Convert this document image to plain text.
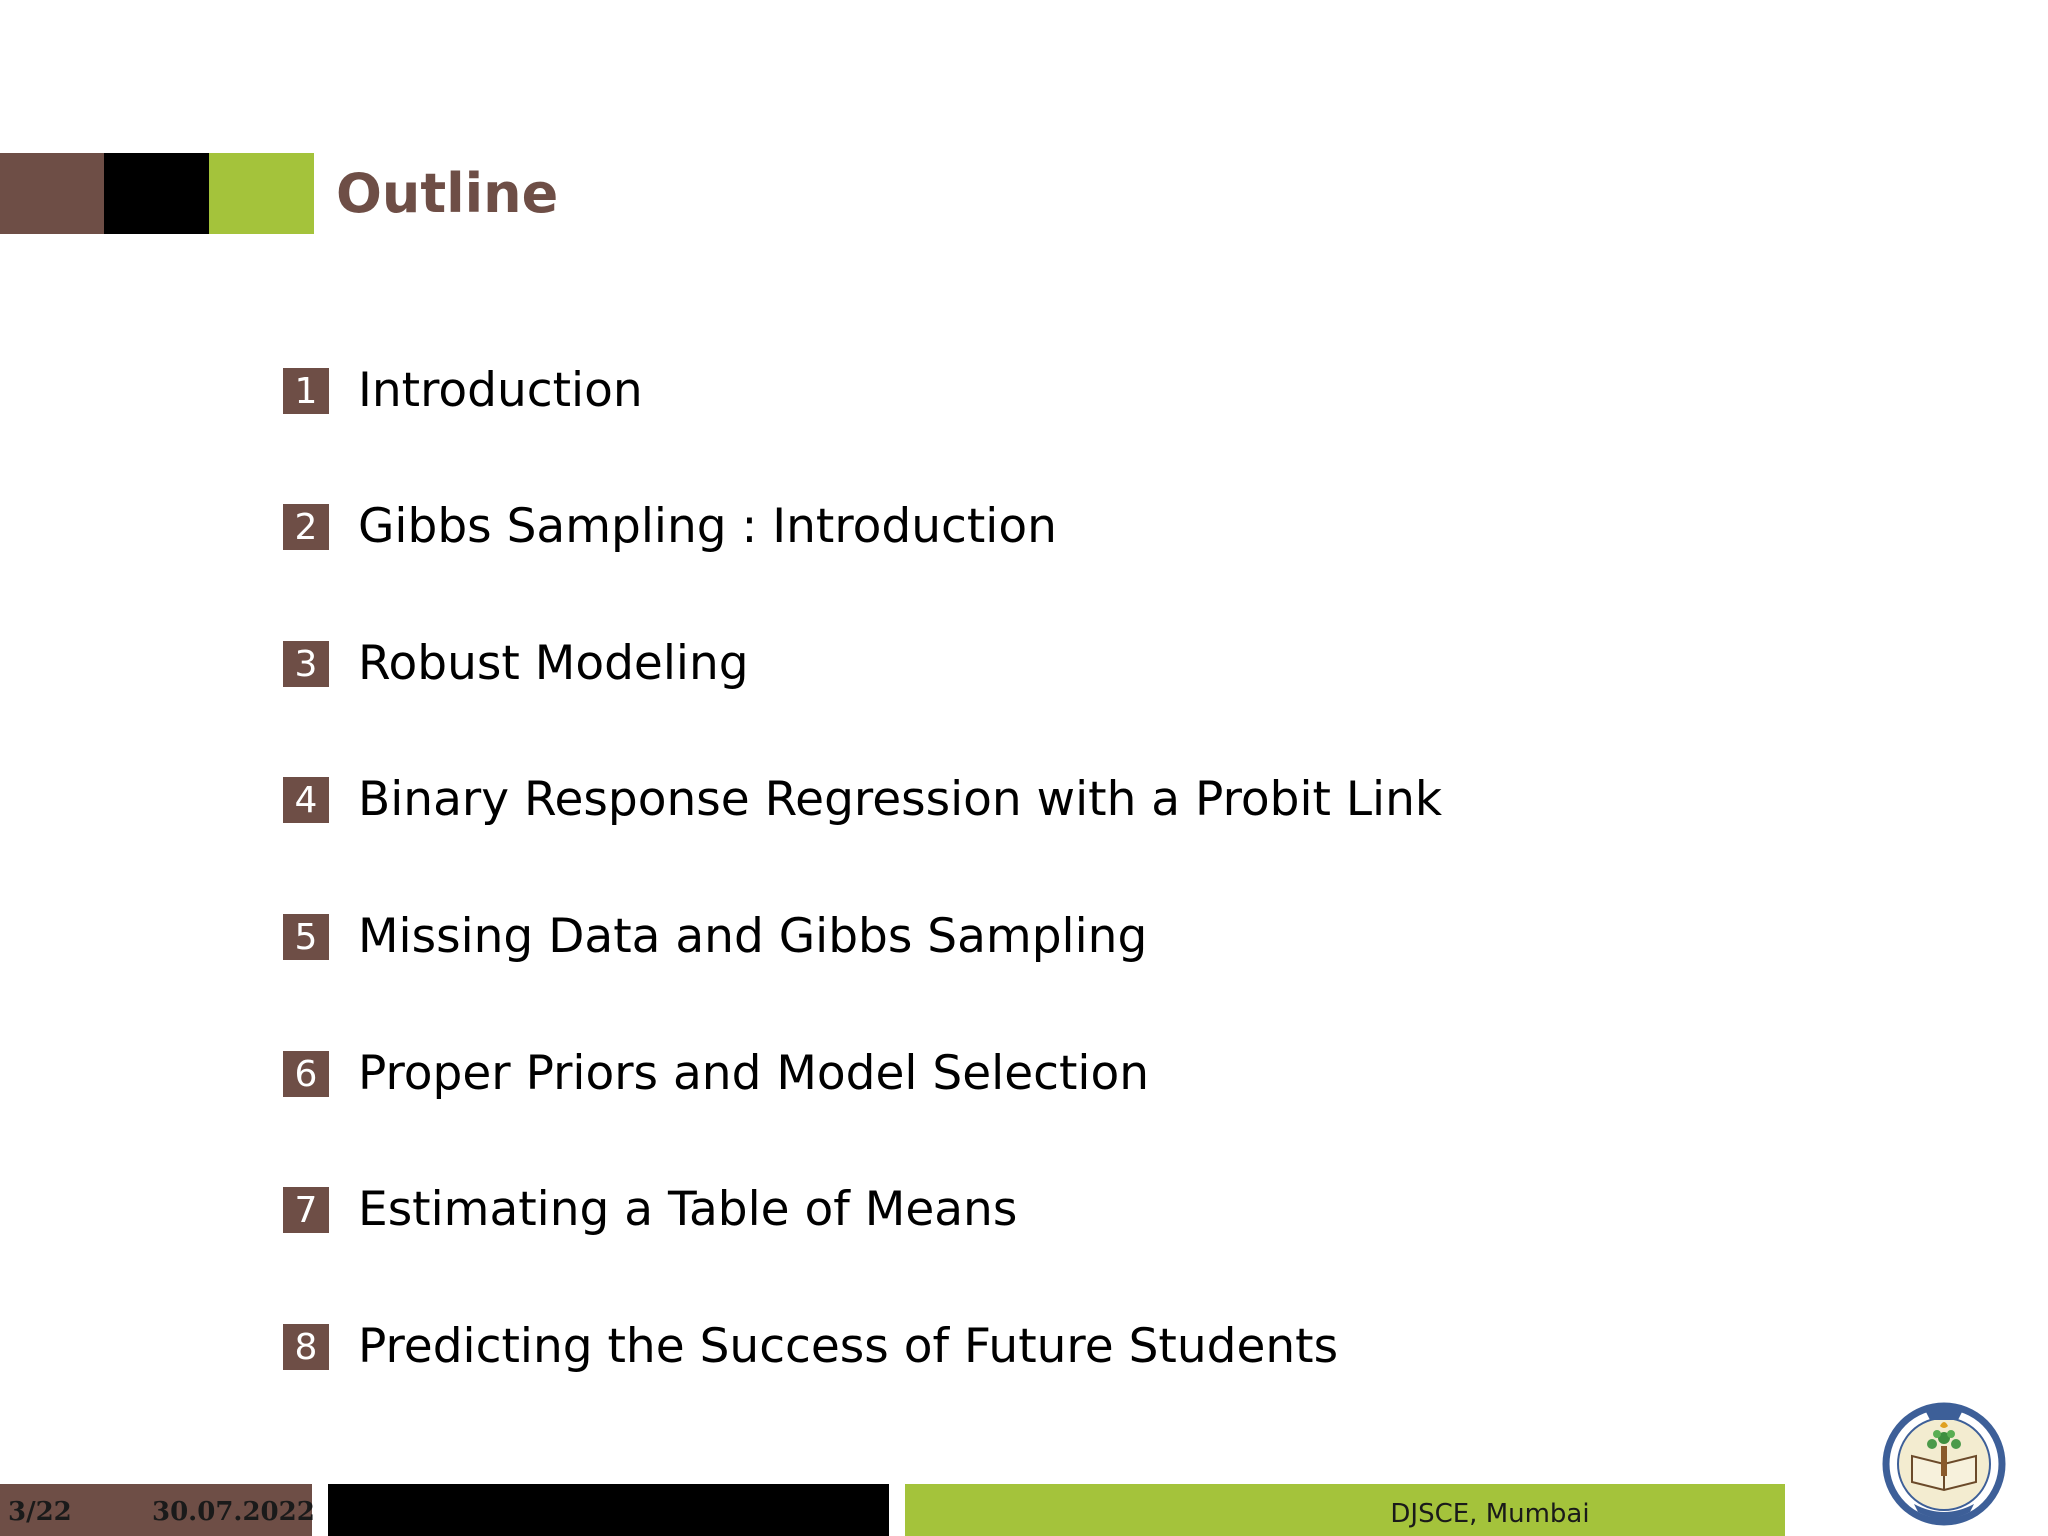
Outline
1 Introduction
2 Gibbs Sampling : Introduction
3 Robust Modeling
4 Binary Response Regression with a Probit Link
5 Missing Data and Gibbs Sampling
6 Proper Priors and Model Selection
7 Estimating a Table of Means
8 Predicting the Success of Future Students
3/22	30.07.2022	DJSCE, Mumbai
